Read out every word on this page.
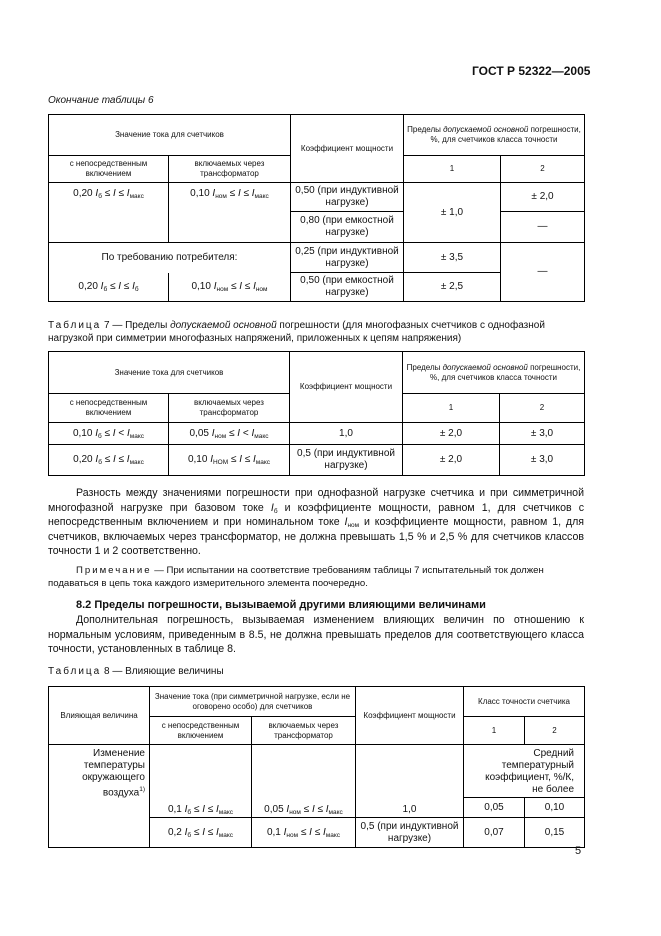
ГОСТ Р 52322—2005
Окончание таблицы 6
Значение тока для счетчиков		Коэффициент мощности	Пределы допускаемой основной погрешности, %, для счетчиков класса точности	
с непосредственным включением	включаемых через трансформатор		1	2
0,20 $I_б \le I \le I_{макс}$	0,10 $I_{ном} \le I \le I_{макс}$	0,50 (при индуктивной нагрузке)	± 1,0	± 2,0
		0,80 (при емкостной нагрузке)		—
По требованию потребителя:		0,25 (при индуктивной нагрузке)	± 3,5	—
0,20 $I_б \le I \le I_б$	0,10 $I_{ном} \le I \le I_{ном}$	0,50 (при емкостной нагрузке)	± 2,5	
Таблица 7 — Пределы допускаемой основной погрешности (для многофазных счетчиков с однофазной
нагрузкой при симметрии многофазных напряжений, приложенных к цепям напряжения)
Значение тока для счетчиков		Коэффициент мощности	Пределы допускаемой основной погрешности, %, для счетчиков класса точности	
с непосредственным включением	включаемых через трансформатор		1	2
0,10 $I_б \le I < I_{макс}$	0,05 $I_{ном} \le I < I_{макс}$	1,0	± 2,0	± 3,0
0,20 $I_б \le I \le I_{макс}$	0,10 $I_{НОМ} \le I \le I_{макс}$	0,5 (при индуктивной нагрузке)	± 2,0	± 3,0
Разность между значениями погрешности при однофазной нагрузке счетчика и при симметричной многофазной нагрузке при базовом токе $I_б$ и коэффициенте мощности, равном 1, для счетчиков с непосредственным включением и при номинальном токе $I_{ном}$ и коэффициенте мощности, равном 1, для счетчиков, включаемых через трансформатор, не должна превышать 1,5 % и 2,5 % для счетчиков классов точности 1 и 2 соответственно.
Примечание — При испытании на соответствие требованиям таблицы 7 испытательный ток должен подаваться в цепь тока каждого измерительного элемента поочередно.
8.2 Пределы погрешности, вызываемой другими влияющими величинами
Дополнительная погрешность, вызываемая изменением влияющих величин по отношению к нормальным условиям, приведенным в 8.5, не должна превышать пределов для соответствующего класса точности, установленных в таблице 8.
Таблица 8 — Влияющие величины
Влияющая величина	Значение тока (при симметричной нагрузке, если не оговорено особо) для счетчиков		Коэффициент мощности	Класс точности счетчика	
	с непосредственным включением	включаемых через трансформатор		1	2
Изменение температуры окружающего воздуха$^{1)}$				Средний температурный коэффициент, %/К, не более	
	0,1 $I_б \le I \le I_{макс}$	0,05 $I_{ном} \le I \le I_{макс}$	1,0	0,05	0,10
	0,2 $I_б \le I \le I_{макс}$	0,1 $I_{ном} \le I \le I_{макс}$	0,5 (при индуктивной нагрузке)	0,07	0,15
5
